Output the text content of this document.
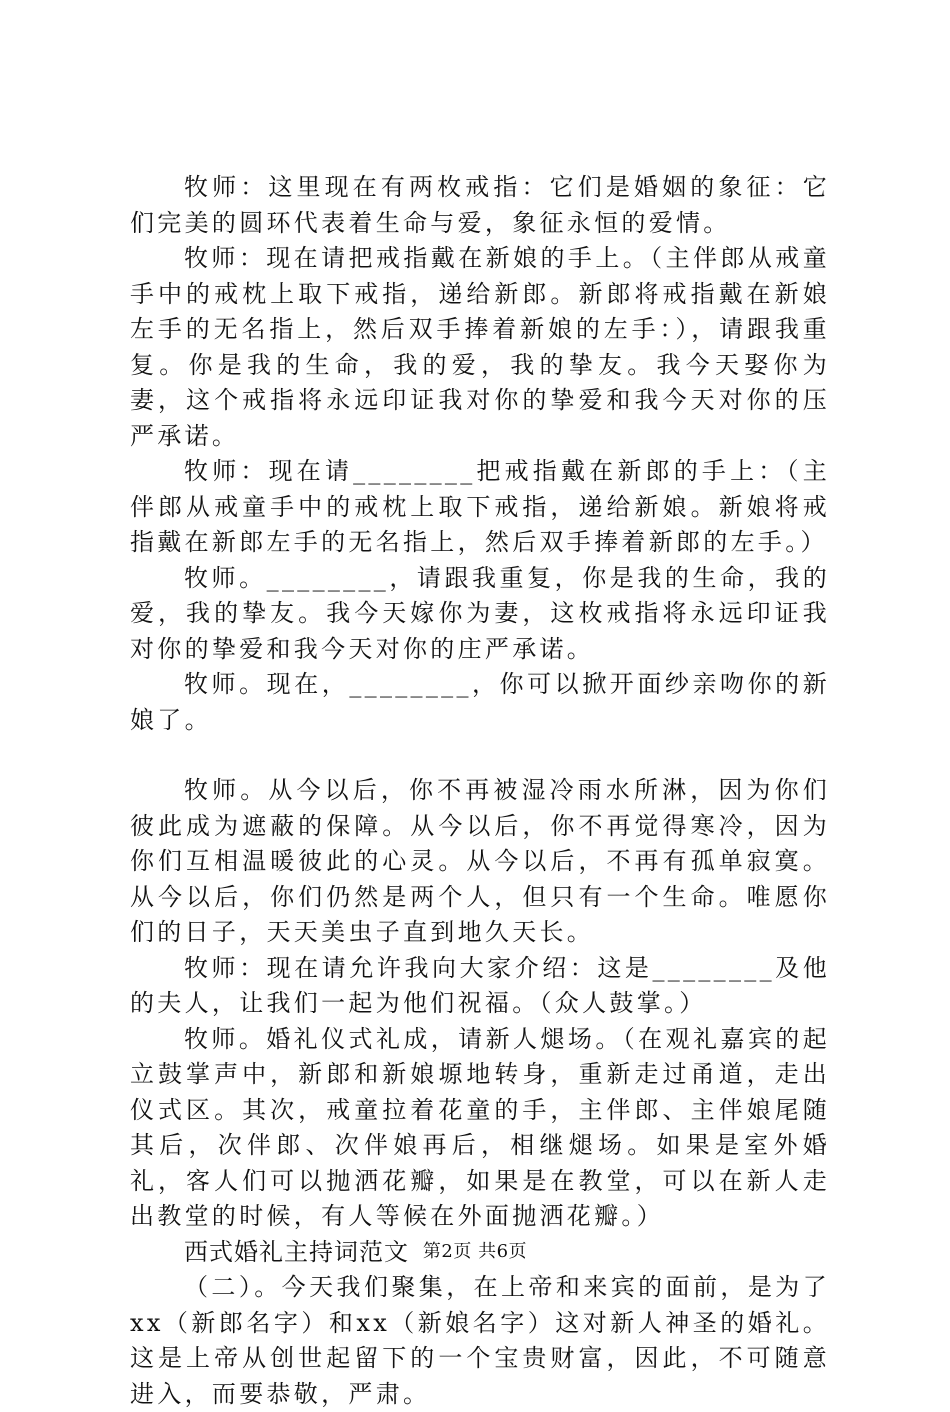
牧师：这里现在有两枚戒指：它们是婚姻的象征：它们完美的圆环代表着生命与爱，象征永恒的爱情。

牧师：现在请把戒指戴在新娘的手上。（主伴郎从戒童手中的戒枕上取下戒指，递给新郎。新郎将戒指戴在新娘左手的无名指上，然后双手捧着新娘的左手：），请跟我重复。你是我的生命，我的爱，我的挚友。我今天娶你为妻，这个戒指将永远印证我对你的挚爱和我今天对你的压严承诺。

牧师：现在请________把戒指戴在新郎的手上：（主伴郎从戒童手中的戒枕上取下戒指，递给新娘。新娘将戒指戴在新郎左手的无名指上，然后双手捧着新郎的左手。）

牧师。________，请跟我重复，你是我的生命，我的爱，我的挚友。我今天嫁你为妻，这枚戒指将永远印证我对你的挚爱和我今天对你的庄严承诺。

牧师。现在，________，你可以掀开面纱亲吻你的新娘了。

牧师。从今以后，你不再被湿冷雨水所淋，因为你们彼此成为遮蔽的保障。从今以后，你不再觉得寒冷，因为你们互相温暖彼此的心灵。从今以后，不再有孤单寂寞。从今以后，你们仍然是两个人，但只有一个生命。唯愿你们的日子，天天美虫子直到地久天长。

牧师：现在请允许我向大家介绍：这是________及他的夫人，让我们一起为他们祝福。（众人鼓掌。）

牧师。婚礼仪式礼成，请新人煺场。（在观礼嘉宾的起立鼓掌声中，新郎和新娘塬地转身，重新走过甬道，走出仪式区。其次，戒童拉着花童的手，主伴郎、主伴娘尾随其后，次伴郎、次伴娘再后，相继煺场。如果是室外婚礼，客人们可以抛洒花瓣，如果是在教堂，可以在新人走出教堂的时候，有人等候在外面抛洒花瓣。）

西式婚礼主持词范文

（二）。今天我们聚集，在上帝和来宾的面前，是为了xx（新郎名字）和xx（新娘名字）这对新人神圣的婚礼。这是上帝从创世起留下的一个宝贵财富，因此，不可随意进入，而要恭敬，严肃。

第2页 共6页
